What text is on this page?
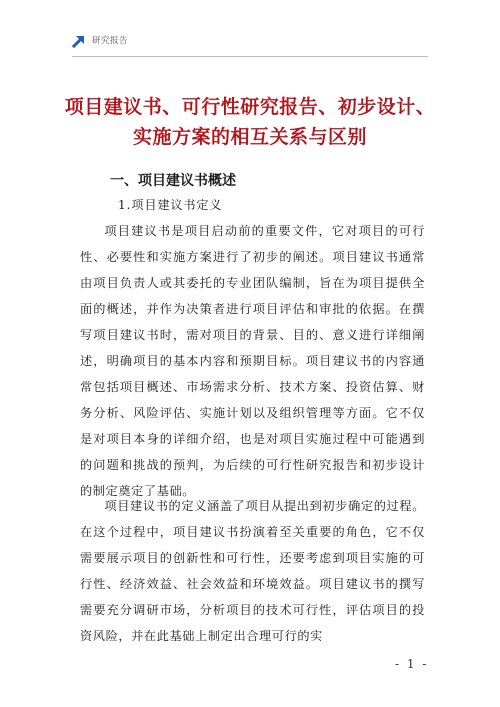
研究报告
项目建议书、可行性研究报告、初步设计、实施方案的相互关系与区别
一、项目建议书概述
1.项目建议书定义

项目建议书是项目启动前的重要文件，它对项目的可行性、必要性和实施方案进行了初步的阐述。项目建议书通常由项目负责人或其委托的专业团队编制，旨在为项目提供全面的概述，并作为决策者进行项目评估和审批的依据。在撰写项目建议书时，需对项目的背景、目的、意义进行详细阐述，明确项目的基本内容和预期目标。项目建议书的内容通常包括项目概述、市场需求分析、技术方案、投资估算、财务分析、风险评估、实施计划以及组织管理等方面。它不仅是对项目本身的详细介绍，也是对项目实施过程中可能遇到的问题和挑战的预判，为后续的可行性研究报告和初步设计的制定奠定了基础。

项目建议书的定义涵盖了项目从提出到初步确定的过程。在这个过程中，项目建议书扮演着至关重要的角色，它不仅需要展示项目的创新性和可行性，还要考虑到项目实施的可行性、经济效益、社会效益和环境效益。项目建议书的撰写需要充分调研市场，分析项目的技术可行性，评估项目的投资风险，并在此基础上制定出合理可行的实

- 1 -
